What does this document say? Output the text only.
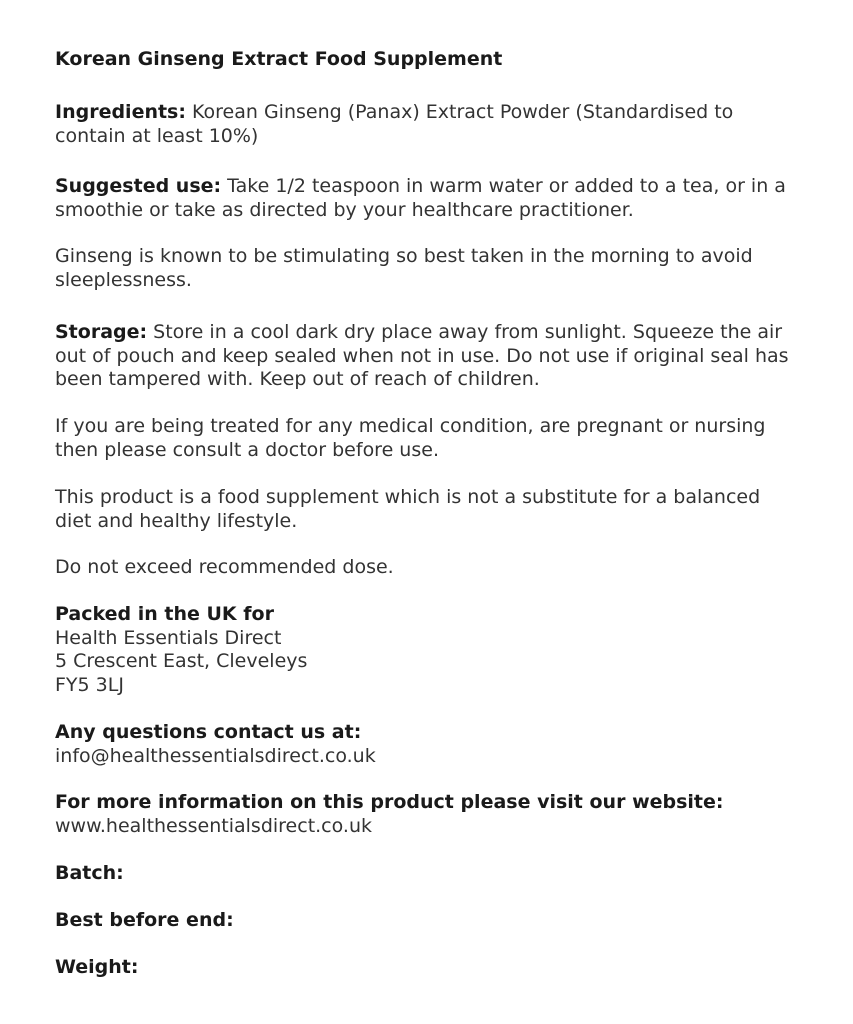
Korean Ginseng Extract Food Supplement
Ingredients: Korean Ginseng (Panax) Extract Powder (Standardised to contain at least 10%)
Suggested use: Take 1/2 teaspoon in warm water or added to a tea, or in a smoothie or take as directed by your healthcare practitioner.
Ginseng is known to be stimulating so best taken in the morning to avoid sleeplessness.
Storage: Store in a cool dark dry place away from sunlight. Squeeze the air out of pouch and keep sealed when not in use. Do not use if original seal has been tampered with. Keep out of reach of children.
If you are being treated for any medical condition, are pregnant or nursing then please consult a doctor before use.
This product is a food supplement which is not a substitute for a balanced diet and healthy lifestyle.
Do not exceed recommended dose.
Packed in the UK for
Health Essentials Direct
5 Crescent East, Cleveleys
FY5 3LJ
Any questions contact us at:
info@healthessentialsdirect.co.uk
For more information on this product please visit our website:
www.healthessentialsdirect.co.uk
Batch:
Best before end:
Weight:
